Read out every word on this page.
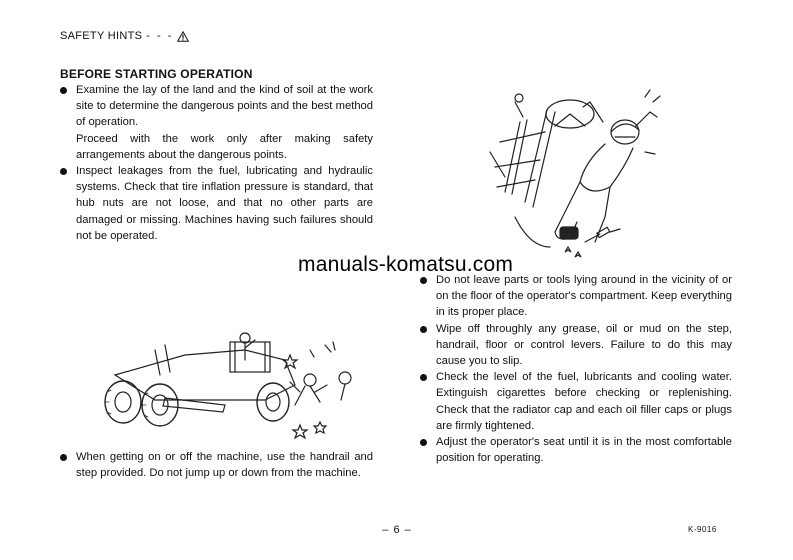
SAFETY HINTS - - -
BEFORE STARTING OPERATION

Examine the lay of the land and the kind of soil at the work site to determine the dangerous points and the best method of operation.

Proceed with the work only after making safety arrangements about the dangerous points.

Inspect leakages from the fuel, lubricating and hydraulic systems. Check that tire inflation pressure is standard, that hub nuts are not loose, and that no other parts are damaged or missing. Machines having such failures should not be operated.

manuals-komatsu.com

Do not leave parts or tools lying around in the vicinity of or on the floor of the operator's compartment. Keep everything in its proper place.

Wipe off throughly any grease, oil or mud on the step, handrail, floor or control levers. Failure to do this may cause you to slip.

Check the level of the fuel, lubricants and cooling water. Extinguish cigarettes before checking or replenishing. Check that the radiator cap and each oil filler caps or plugs are firmly tightened.

Adjust the operator's seat until it is in the most comfortable position for operating.

When getting on or off the machine, use the handrail and step provided. Do not jump up or down from the machine.

– 6 –	K-9016
